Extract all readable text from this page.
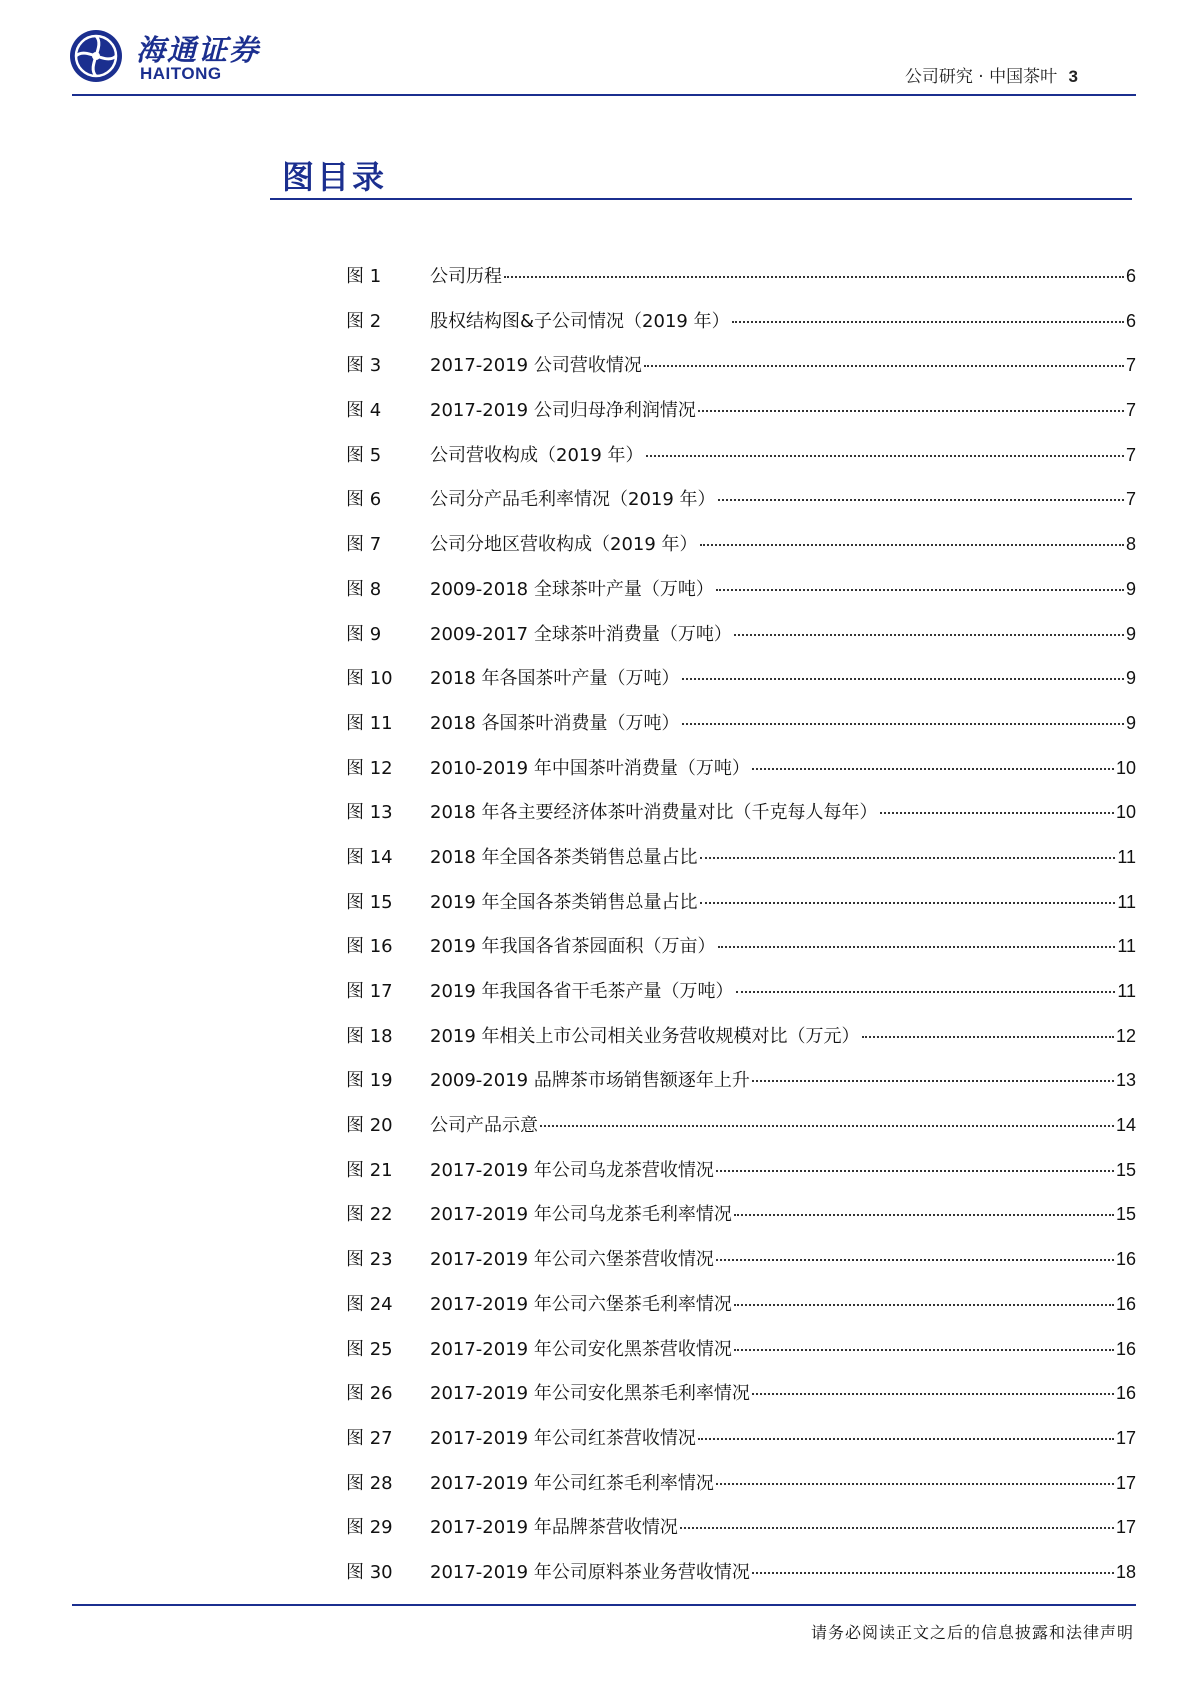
海通证券
HAITONG	公司研究 · 中国茶叶 3
图目录
图 1	公司历程	6
图 2	股权结构图&子公司情况（2019 年）	6
图 3	2017-2019 公司营收情况	7
图 4	2017-2019 公司归母净利润情况	7
图 5	公司营收构成（2019 年）	7
图 6	公司分产品毛利率情况（2019 年）	7
图 7	公司分地区营收构成（2019 年）	8
图 8	2009-2018 全球茶叶产量（万吨）	9
图 9	2009-2017 全球茶叶消费量（万吨）	9
图 10	2018 年各国茶叶产量（万吨）	9
图 11	2018 各国茶叶消费量（万吨）	9
图 12	2010-2019 年中国茶叶消费量（万吨）	10
图 13	2018 年各主要经济体茶叶消费量对比（千克每人每年）	10
图 14	2018 年全国各茶类销售总量占比	11
图 15	2019 年全国各茶类销售总量占比	11
图 16	2019 年我国各省茶园面积（万亩）	11
图 17	2019 年我国各省干毛茶产量（万吨）	11
图 18	2019 年相关上市公司相关业务营收规模对比（万元）	12
图 19	2009-2019 品牌茶市场销售额逐年上升	13
图 20	公司产品示意	14
图 21	2017-2019 年公司乌龙茶营收情况	15
图 22	2017-2019 年公司乌龙茶毛利率情况	15
图 23	2017-2019 年公司六堡茶营收情况	16
图 24	2017-2019 年公司六堡茶毛利率情况	16
图 25	2017-2019 年公司安化黑茶营收情况	16
图 26	2017-2019 年公司安化黑茶毛利率情况	16
图 27	2017-2019 年公司红茶营收情况	17
图 28	2017-2019 年公司红茶毛利率情况	17
图 29	2017-2019 年品牌茶营收情况	17
图 30	2017-2019 年公司原料茶业务营收情况	18
请务必阅读正文之后的信息披露和法律声明
